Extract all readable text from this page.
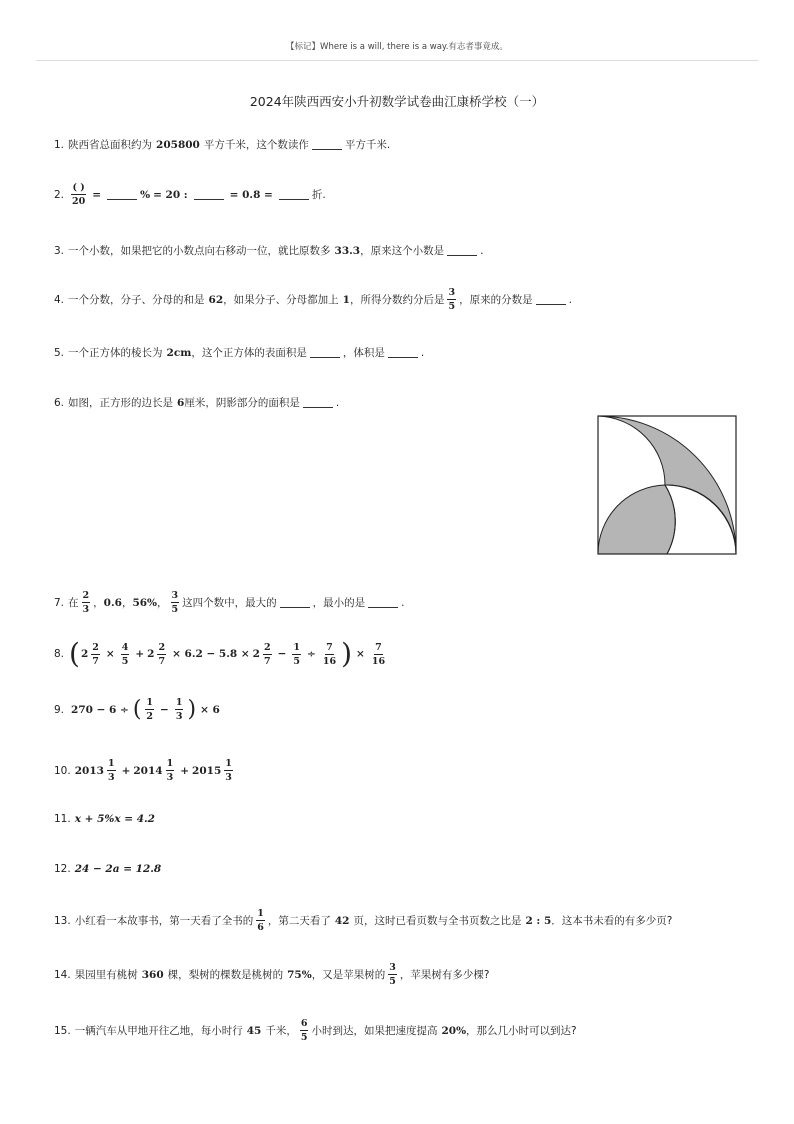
【标记】Where is a will, there is a way.有志者事竟成。
2024年陕西西安小升初数学试卷曲江康桥学校（一）
1. 陕西省总面积约为 205800 平方千米，这个数读作	平方千米.
2. $\frac{( )}{20}$ =	% = 20 :	= 0.8 =	折.
3. 一个小数，如果把它的小数点向右移动一位，就比原数多 33.3 ，原来这个小数是	.
4. 一个分数，分子、分母的和是 62 ，如果分子、分母都加上 1 ，所得分数约分后是 $\frac{3}{5}$ ，原来的分数是	.
5. 一个正方体的棱长为 2cm ，这个正方体的表面积是	，体积是	.
6. 如图，正方形的边长是 6 厘米，阴影部分的面积是	.
7. 在 $\frac{2}{3}$ ， 0.6 ， 56% ， $\frac{3}{5}$ 这四个数中，最大的	，最小的是	.
8. ( $2 \frac{2}{7} \times \frac{4}{5} + 2 \frac{2}{7} \times 6.2 - 5.8 \times 2 \frac{2}{7} - \frac{1}{5} \div \frac{7}{16}$ ) × $\frac{7}{16}$
9. 270 − 6 ÷ ( $\frac{1}{2} - \frac{1}{3}$ ) × 6
10. $2013 \frac{1}{3} + 2014 \frac{1}{3} + 2015 \frac{1}{3}$
11. x + 5%x = 4.2
12. 24 − 2a = 12.8
13. 小红看一本故事书，第一天看了全书的 $\frac{1}{6}$ ，第二天看了 42 页，这时已看页数与全书页数之比是 2 : 5 ．这本书未看的有多少页?
14. 果园里有桃树 360 棵，梨树的棵数是桃树的 75% ，又是苹果树的 $\frac{3}{5}$ ，苹果树有多少棵?
15. 一辆汽车从甲地开往乙地，每小时行 45 千米， $\frac{6}{5}$ 小时到达，如果把速度提高 20% ，那么几小时可以到达?
